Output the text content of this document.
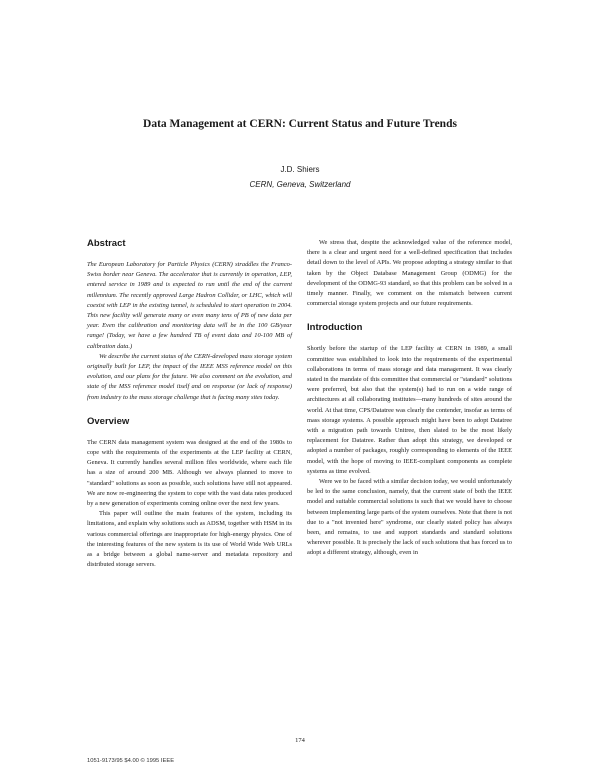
Data Management at CERN: Current Status and Future Trends
J.D. Shiers
CERN, Geneva, Switzerland
Abstract

The European Laboratory for Particle Physics (CERN) straddles the Franco-Swiss border near Geneva. The accelerator that is currently in operation, LEP, entered service in 1989 and is expected to run until the end of the current millennium. The recently approved Large Hadron Collider, or LHC, which will coexist with LEP in the existing tunnel, is scheduled to start operation in 2004. This new facility will generate many or even many tens of PB of new data per year. Even the calibration and monitoring data will be in the 100 GB/year range! (Today, we have a few hundred TB of event data and 10-100 MB of calibration data.)

We describe the current status of the CERN-developed mass storage system originally built for LEP, the impact of the IEEE MSS reference model on this evolution, and our plans for the future. We also comment on the evolution, and state of the MSS reference model itself and on response (or lack of response) from industry to the mass storage challenge that is facing many sites today.

Overview

The CERN data management system was designed at the end of the 1980s to cope with the requirements of the experiments at the LEP facility at CERN, Geneva. It currently handles several million files worldwide, where each file has a size of around 200 MB. Although we always planned to move to "standard" solutions as soon as possible, such solutions have still not appeared. We are now re-engineering the system to cope with the vast data rates produced by a new generation of experiments coming online over the next few years.

This paper will outline the main features of the system, including its limitations, and explain why solutions such as ADSM, together with HSM in its various commercial offerings are inappropriate for high-energy physics. One of the interesting features of the new system is its use of World Wide Web URLs as a bridge between a global name-server and metadata repository and distributed storage servers.

We stress that, despite the acknowledged value of the reference model, there is a clear and urgent need for a well-defined specification that includes detail down to the level of APIs. We propose adopting a strategy similar to that taken by the Object Database Management Group (ODMG) for the development of the ODMG-93 standard, so that this problem can be solved in a timely manner. Finally, we comment on the mismatch between current commercial storage system projects and our future requirements.

Introduction

Shortly before the startup of the LEP facility at CERN in 1989, a small committee was established to look into the requirements of the experimental collaborations in terms of mass storage and data management. It was clearly stated in the mandate of this committee that commercial or "standard" solutions were preferred, but also that the system(s) had to run on a wide range of architectures at all collaborating institutes—many hundreds of sites around the world. At that time, CPS/Datatree was clearly the contender, insofar as terms of mass storage systems. A possible approach might have been to adopt Datatree with a migration path towards Unitree, then slated to be the most likely replacement for Datatree. Rather than adopt this strategy, we developed or adopted a number of packages, roughly corresponding to elements of the IEEE model, with the hope of moving to IEEE-compliant components as complete systems as time evolved.

Were we to be faced with a similar decision today, we would unfortunately be led to the same conclusion, namely, that the current state of both the IEEE model and suitable commercial solutions is such that we would have to choose between implementing large parts of the system ourselves. Note that there is not due to a "not invented here" syndrome, our clearly stated policy has always been, and remains, to use and support standards and standard solutions wherever possible. It is precisely the lack of such solutions that has forced us to adopt a different strategy, although, even in

174
1051-9173/95 $4.00 © 1995 IEEE
